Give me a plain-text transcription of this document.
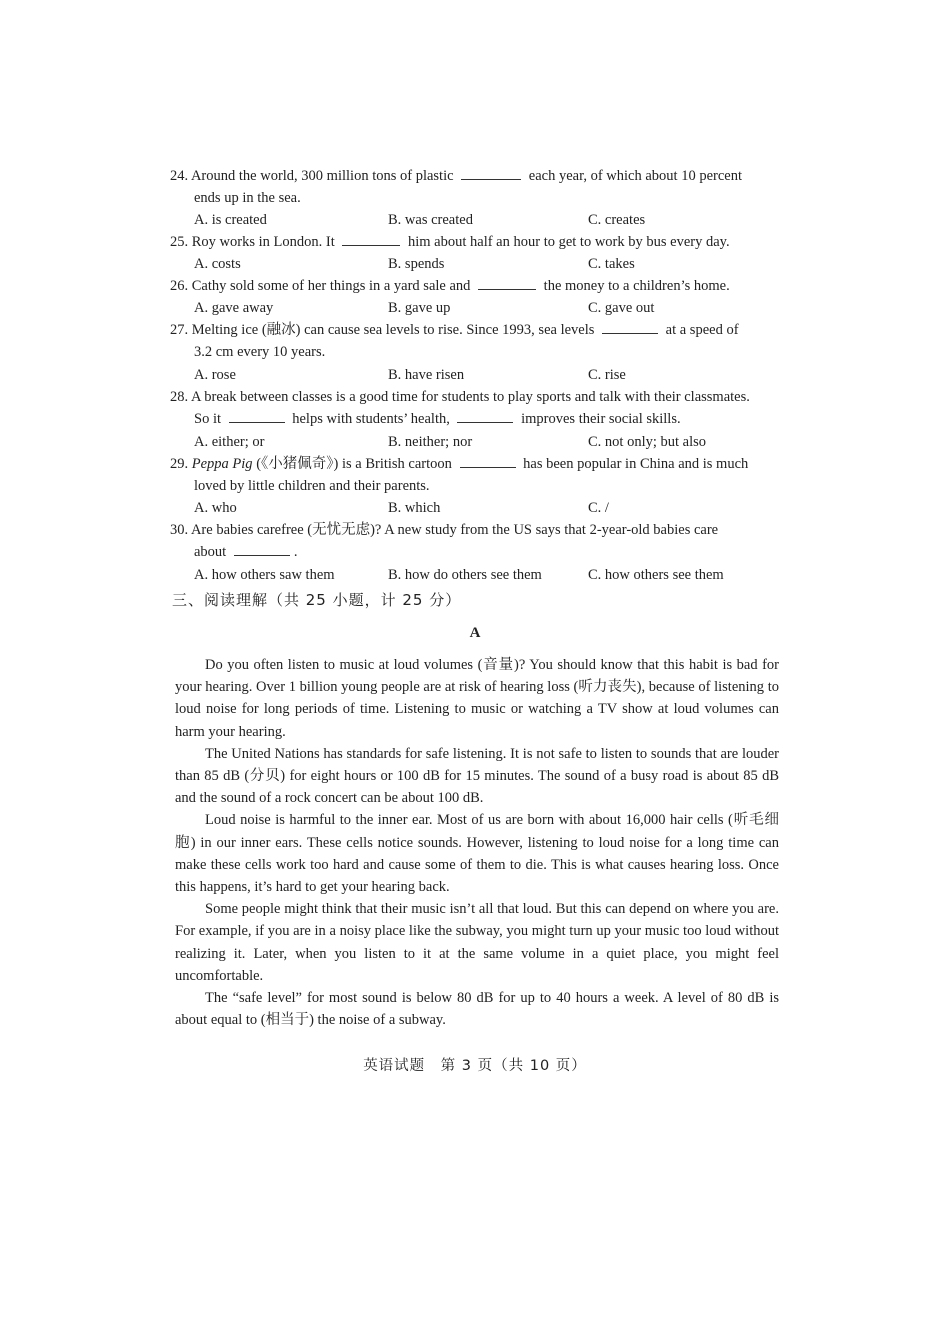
24. Around the world, 300 million tons of plastic	each year, of which about 10 percent
ends up in the sea.
A. is created	B. was created	C. creates
25. Roy works in London. It	him about half an hour to get to work by bus every day.
A. costs	B. spends	C. takes
26. Cathy sold some of her things in a yard sale and	the money to a children’s home.
A. gave away	B. gave up	C. gave out
27. Melting ice (融冰) can cause sea levels to rise. Since 1993, sea levels	at a speed of
3.2 cm every 10 years.
A. rose	B. have risen	C. rise
28. A break between classes is a good time for students to play sports and talk with their classmates.
So it	helps with students’ health,	improves their social skills.
A. either; or	B. neither; nor	C. not only; but also
29. Peppa Pig (《小猪佩奇》) is a British cartoon	has been popular in China and is much
loved by little children and their parents.
A. who	B. which	C. /
30. Are babies carefree (无忧无虑)? A new study from the US says that 2-year-old babies care
about	.
A. how others saw them	B. how do others see them	C. how others see them
三、阅读理解（共 25 小题，计 25 分）
A

Do you often listen to music at loud volumes (音量)? You should know that this habit is bad for your hearing. Over 1 billion young people are at risk of hearing loss (听力丧失), because of listening to loud noise for long periods of time. Listening to music or watching a TV show at loud volumes can harm your hearing.

The United Nations has standards for safe listening. It is not safe to listen to sounds that are louder than 85 dB (分贝) for eight hours or 100 dB for 15 minutes. The sound of a busy road is about 85 dB and the sound of a rock concert can be about 100 dB.

Loud noise is harmful to the inner ear. Most of us are born with about 16,000 hair cells (听毛细胞) in our inner ears. These cells notice sounds. However, listening to loud noise for a long time can make these cells work too hard and cause some of them to die. This is what causes hearing loss. Once this happens, it’s hard to get your hearing back.

Some people might think that their music isn’t all that loud. But this can depend on where you are. For example, if you are in a noisy place like the subway, you might turn up your music too loud without realizing it. Later, when you listen to it at the same volume in a quiet place, you might feel uncomfortable.

The “safe level” for most sound is below 80 dB for up to 40 hours a week. A level of 80 dB is about equal to (相当于) the noise of a subway.

英语试题　第 3 页（共 10 页）
